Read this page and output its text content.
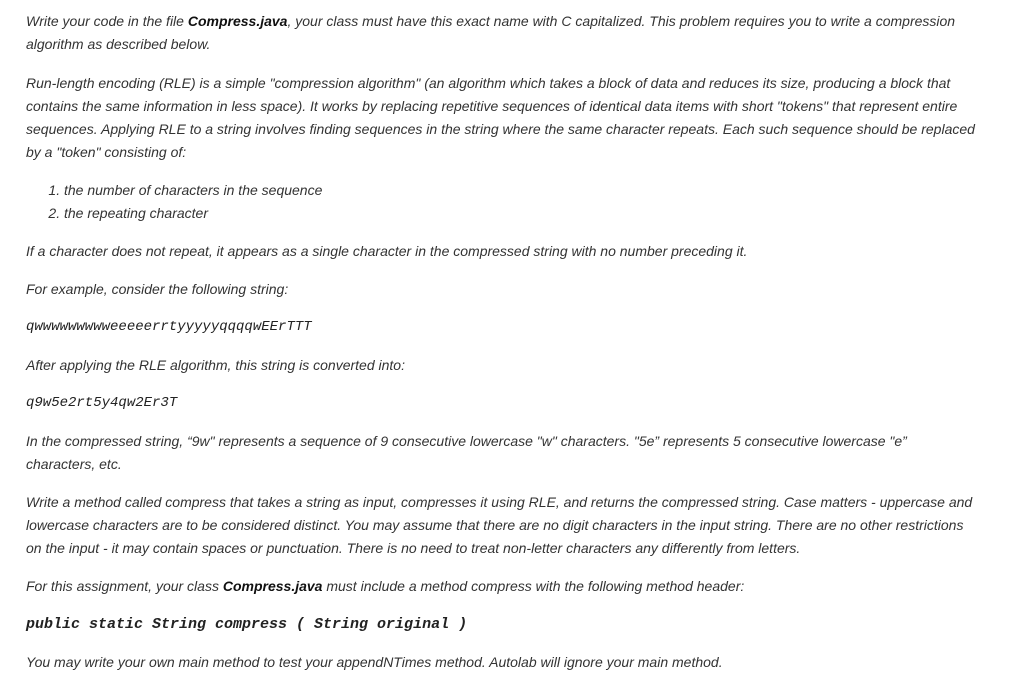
Write your code in the file Compress.java, your class must have this exact name with C capitalized. This problem requires you to write a compression algorithm as described below.

Run-length encoding (RLE) is a simple "compression algorithm" (an algorithm which takes a block of data and reduces its size, producing a block that contains the same information in less space). It works by replacing repetitive sequences of identical data items with short "tokens" that represent entire sequences. Applying RLE to a string involves finding sequences in the string where the same character repeats. Each such sequence should be replaced by a "token" consisting of:

1. the number of characters in the sequence
2. the repeating character

If a character does not repeat, it appears as a single character in the compressed string with no number preceding it.

For example, consider the following string:

qwwwwwwwwweeeeerrtyyyyyqqqqwEErTTT

After applying the RLE algorithm, this string is converted into:

q9w5e2rt5y4qw2Er3T

In the compressed string, “9w" represents a sequence of 9 consecutive lowercase "w" characters. "5e” represents 5 consecutive lowercase "e” characters, etc.

Write a method called compress that takes a string as input, compresses it using RLE, and returns the compressed string. Case matters - uppercase and lowercase characters are to be considered distinct. You may assume that there are no digit characters in the input string. There are no other restrictions on the input - it may contain spaces or punctuation. There is no need to treat non-letter characters any differently from letters.

For this assignment, your class Compress.java must include a method compress with the following method header:

public static String compress ( String original )

You may write your own main method to test your appendNTimes method. Autolab will ignore your main method.
